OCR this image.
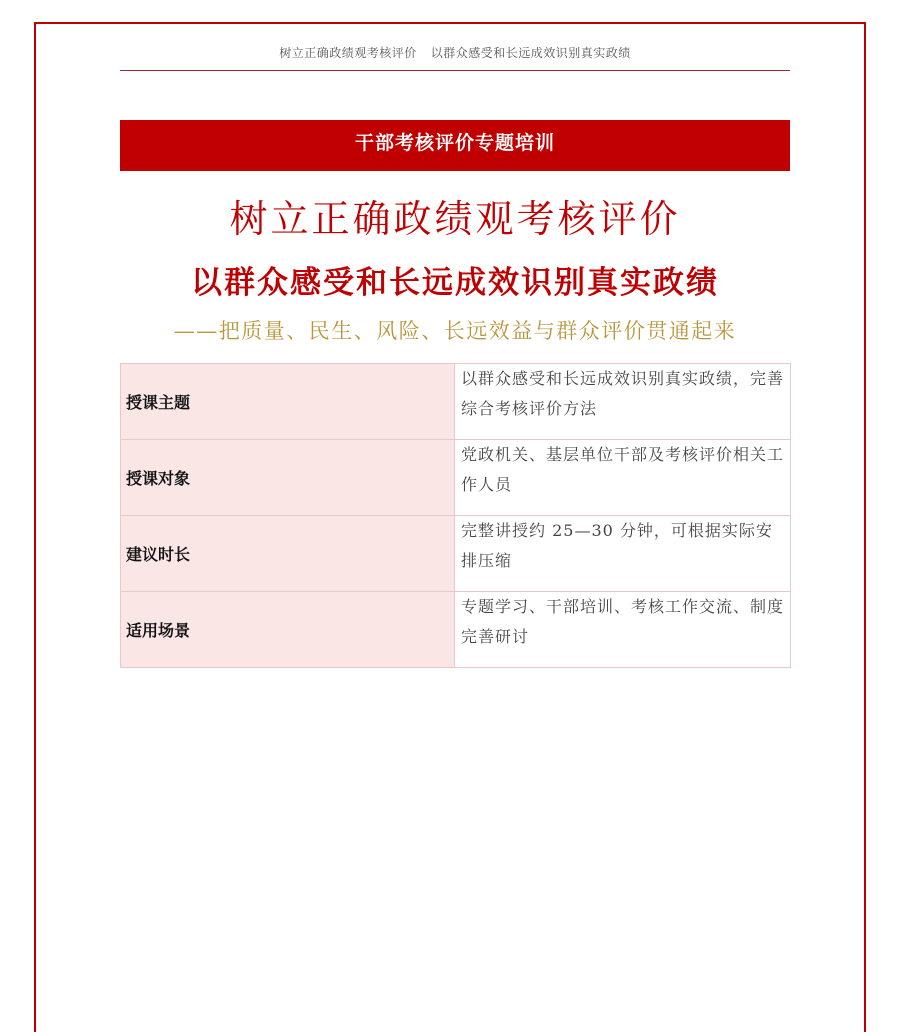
树立正确政绩观考核评价 以群众感受和长远成效识别真实政绩
干部考核评价专题培训
树立正确政绩观考核评价
以群众感受和长远成效识别真实政绩
——把质量、民生、风险、长远效益与群众评价贯通起来
授课主题	以群众感受和长远成效识别真实政绩，完善综合考核评价方法
授课对象	党政机关、基层单位干部及考核评价相关工作人员
建议时长	完整讲授约 25—30 分钟，可根据实际安排压缩
适用场景	专题学习、干部培训、考核工作交流、制度完善研讨
